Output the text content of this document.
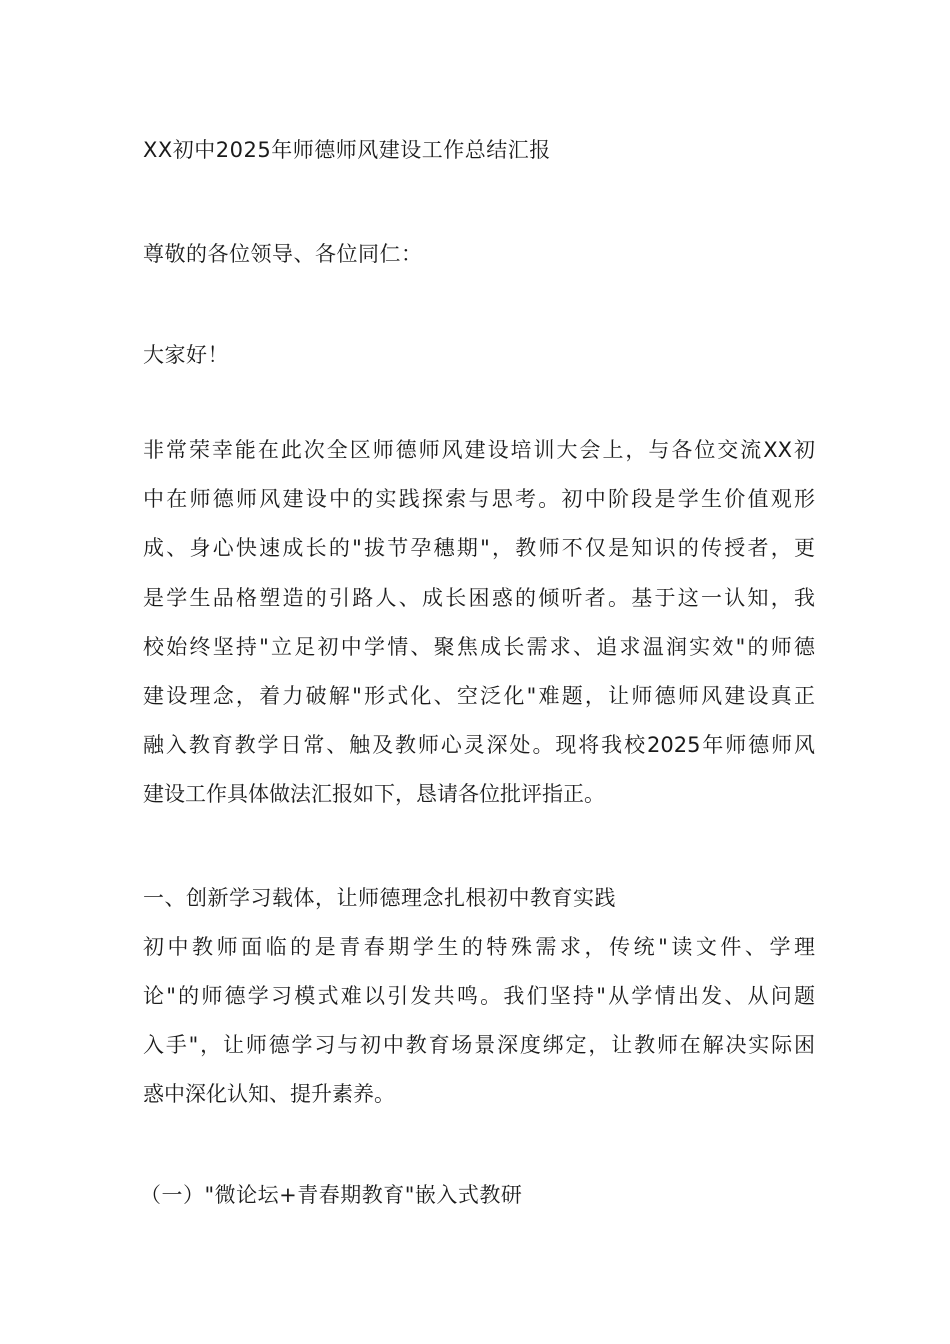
XX初中2025年师德师风建设工作总结汇报
尊敬的各位领导、各位同仁：
大家好！
非常荣幸能在此次全区师德师风建设培训大会上，与各位交流XX初
中在师德师风建设中的实践探索与思考。初中阶段是学生价值观形
成、身心快速成长的"拔节孕穗期"，教师不仅是知识的传授者，更
是学生品格塑造的引路人、成长困惑的倾听者。基于这一认知，我
校始终坚持"立足初中学情、聚焦成长需求、追求温润实效"的师德
建设理念，着力破解"形式化、空泛化"难题，让师德师风建设真正
融入教育教学日常、触及教师心灵深处。现将我校2025年师德师风
建设工作具体做法汇报如下，恳请各位批评指正。
一、创新学习载体，让师德理念扎根初中教育实践
初中教师面临的是青春期学生的特殊需求，传统"读文件、学理
论"的师德学习模式难以引发共鸣。我们坚持"从学情出发、从问题
入手"，让师德学习与初中教育场景深度绑定，让教师在解决实际困
惑中深化认知、提升素养。
（一）"微论坛+青春期教育"嵌入式教研
